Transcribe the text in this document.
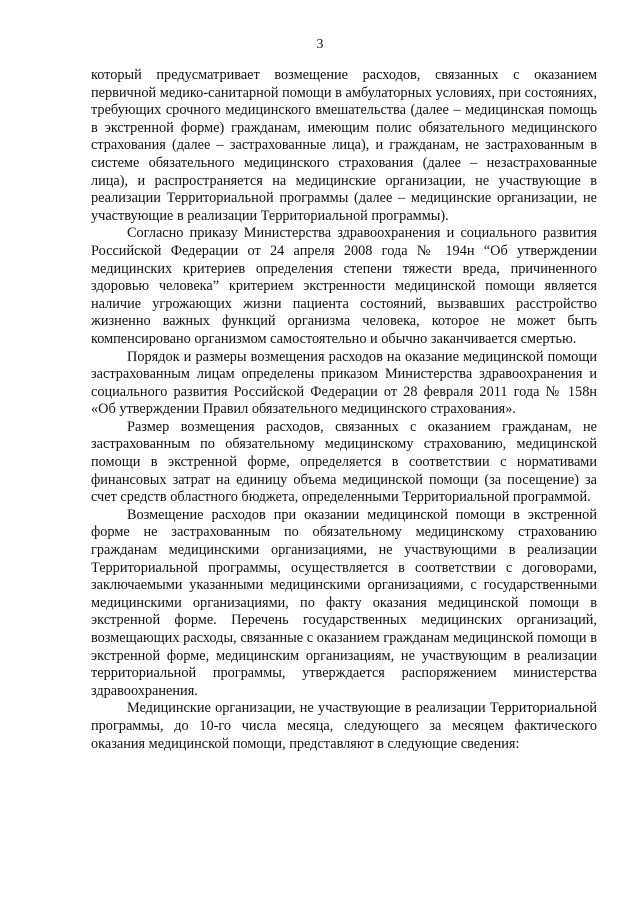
3

который предусматривает возмещение расходов, связанных с оказанием первичной медико-санитарной помощи в амбулаторных условиях, при состояниях, требующих срочного медицинского вмешательства (далее – медицинская помощь в экстренной форме) гражданам, имеющим полис обязательного медицинского страхования (далее – застрахованные лица), и гражданам, не застрахованным в системе обязательного медицинского страхования (далее – незастрахованные лица), и распространяется на медицинские организации, не участвующие в реализации Территориальной программы (далее – медицинские организации, не участвующие в реализации Территориальной программы).

Согласно приказу Министерства здравоохранения и социального развития Российской Федерации от 24 апреля 2008 года № 194н “Об утверждении медицинских критериев определения степени тяжести вреда, причиненного здоровью человека” критерием экстренности медицинской помощи является наличие угрожающих жизни пациента состояний, вызвавших расстройство жизненно важных функций организма человека, которое не может быть компенсировано организмом самостоятельно и обычно заканчивается смертью.

Порядок и размеры возмещения расходов на оказание медицинской помощи застрахованным лицам определены приказом Министерства здравоохранения и социального развития Российской Федерации от 28 февраля 2011 года № 158н «Об утверждении Правил обязательного медицинского страхования».

Размер возмещения расходов, связанных с оказанием гражданам, не застрахованным по обязательному медицинскому страхованию, медицинской помощи в экстренной форме, определяется в соответствии с нормативами финансовых затрат на единицу объема медицинской помощи (за посещение) за счет средств областного бюджета, определенными Территориальной программой.

Возмещение расходов при оказании медицинской помощи в экстренной форме не застрахованным по обязательному медицинскому страхованию гражданам медицинскими организациями, не участвующими в реализации Территориальной программы, осуществляется в соответствии с договорами, заключаемыми указанными медицинскими организациями, с государственными медицинскими организациями, по факту оказания медицинской помощи в экстренной форме. Перечень государственных медицинских организаций, возмещающих расходы, связанные с оказанием гражданам медицинской помощи в экстренной форме, медицинским организациям, не участвующим в реализации территориальной программы, утверждается распоряжением министерства здравоохранения.

Медицинские организации, не участвующие в реализации Территориальной программы, до 10-го числа месяца, следующего за месяцем фактического оказания медицинской помощи, представляют в следующие сведения:
